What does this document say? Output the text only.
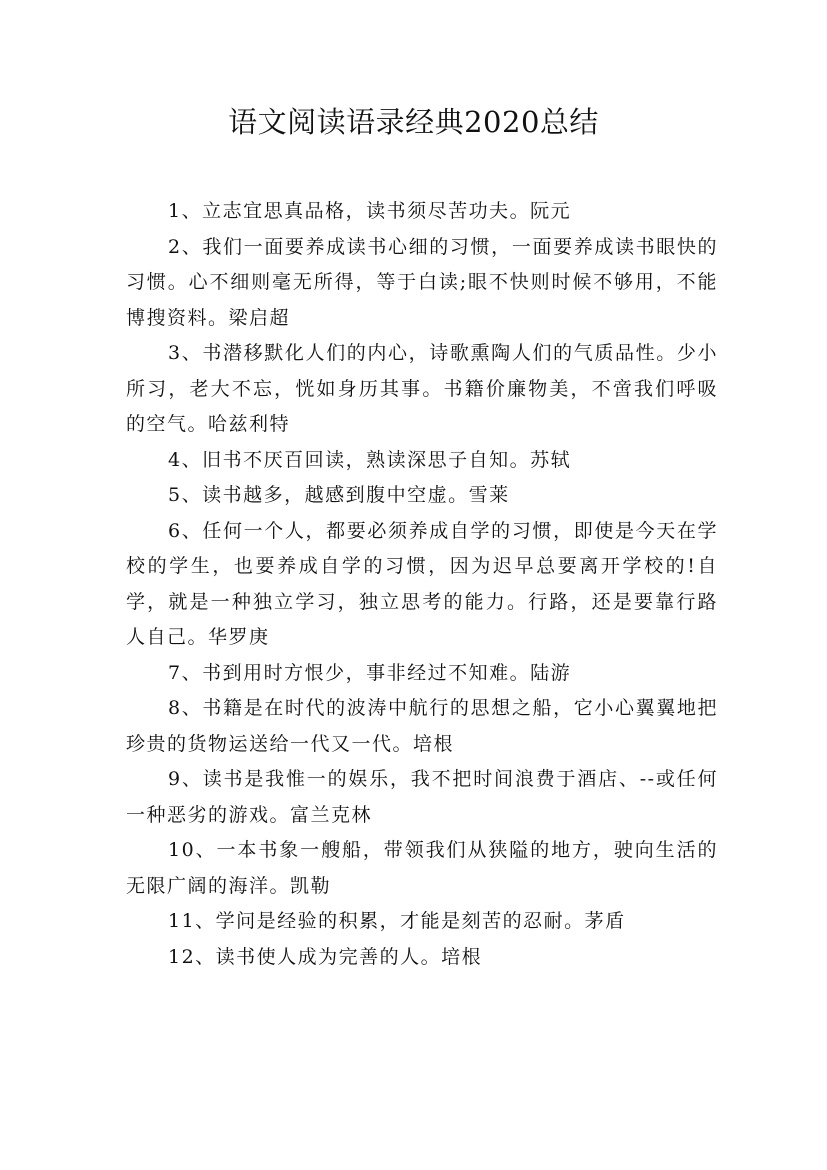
语文阅读语录经典2020总结

1、立志宜思真品格，读书须尽苦功夫。阮元

2、我们一面要养成读书心细的习惯，一面要养成读书眼快的习惯。心不细则毫无所得，等于白读;眼不快则时候不够用，不能博搜资料。梁启超

3、书潜移默化人们的内心，诗歌熏陶人们的气质品性。少小所习，老大不忘，恍如身历其事。书籍价廉物美，不啻我们呼吸的空气。哈兹利特

4、旧书不厌百回读，熟读深思子自知。苏轼

5、读书越多，越感到腹中空虚。雪莱

6、任何一个人，都要必须养成自学的习惯，即使是今天在学校的学生，也要养成自学的习惯，因为迟早总要离开学校的!自学，就是一种独立学习，独立思考的能力。行路，还是要靠行路人自己。华罗庚

7、书到用时方恨少，事非经过不知难。陆游

8、书籍是在时代的波涛中航行的思想之船，它小心翼翼地把珍贵的货物运送给一代又一代。培根

9、读书是我惟一的娱乐，我不把时间浪费于酒店、--或任何一种恶劣的游戏。富兰克林

10、一本书象一艘船，带领我们从狭隘的地方，驶向生活的无限广阔的海洋。凯勒

11、学问是经验的积累，才能是刻苦的忍耐。茅盾

12、读书使人成为完善的人。培根
